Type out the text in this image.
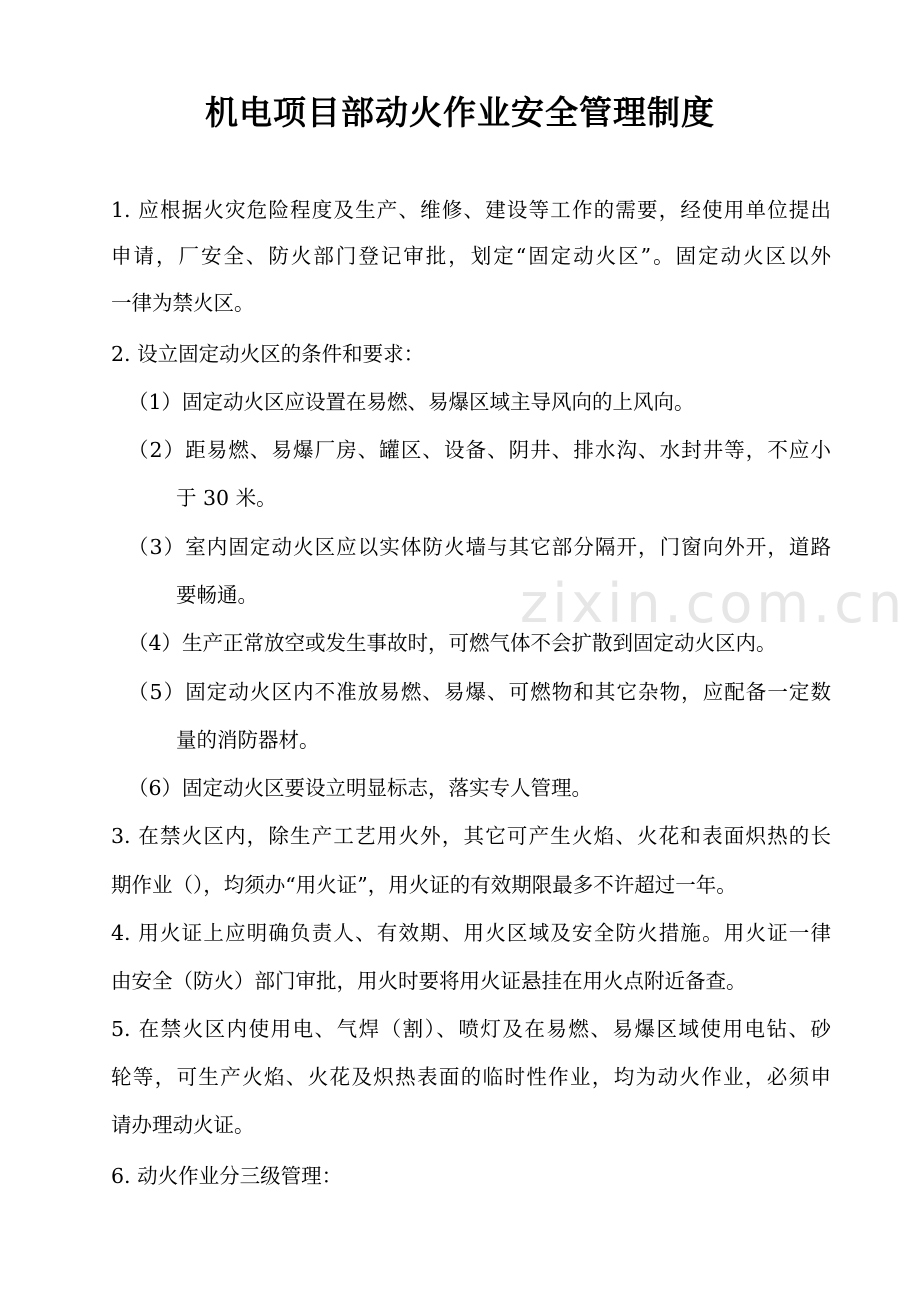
zixin.com.cn
机电项目部动火作业安全管理制度
1. 应根据火灾危险程度及生产、维修、建设等工作的需要，经使用单位提出
申请，厂安全、防火部门登记审批，划定“固定动火区”。固定动火区以外
一律为禁火区。
2. 设立固定动火区的条件和要求：
（1）固定动火区应设置在易燃、易爆区域主导风向的上风向。
（2）距易燃、易爆厂房、罐区、设备、阴井、排水沟、水封井等，不应小
于 30 米。
（3）室内固定动火区应以实体防火墙与其它部分隔开，门窗向外开，道路
要畅通。
（4）生产正常放空或发生事故时，可燃气体不会扩散到固定动火区内。
（5）固定动火区内不准放易燃、易爆、可燃物和其它杂物，应配备一定数
量的消防器材。
（6）固定动火区要设立明显标志，落实专人管理。
3. 在禁火区内，除生产工艺用火外，其它可产生火焰、火花和表面炽热的长
期作业（），均须办“用火证”，用火证的有效期限最多不许超过一年。
4. 用火证上应明确负责人、有效期、用火区域及安全防火措施。用火证一律
由安全（防火）部门审批，用火时要将用火证悬挂在用火点附近备查。
5. 在禁火区内使用电、气焊（割）、喷灯及在易燃、易爆区域使用电钻、砂
轮等，可生产火焰、火花及炽热表面的临时性作业，均为动火作业，必须申
请办理动火证。
6. 动火作业分三级管理：
